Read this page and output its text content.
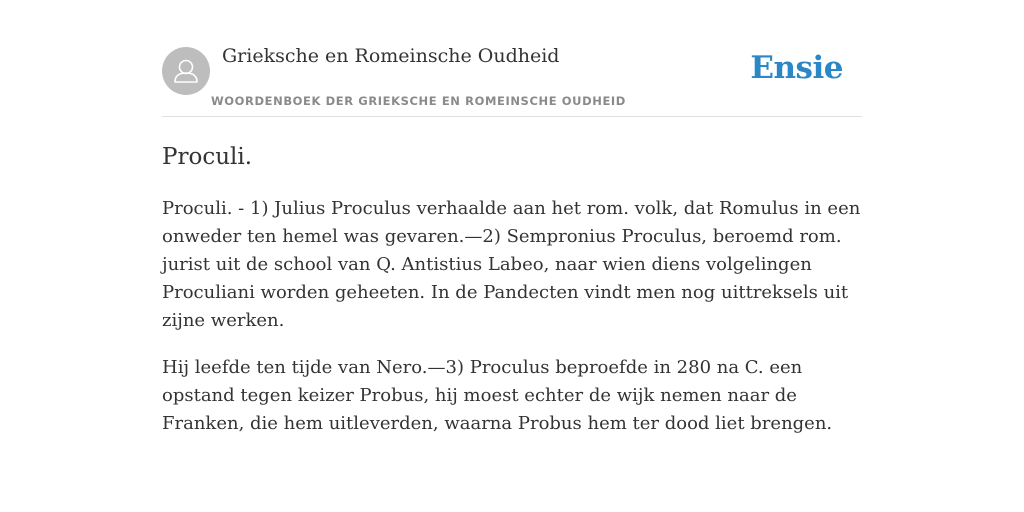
Grieksche en Romeinsche Oudheid
WOORDENBOEK DER GRIEKSCHE EN ROMEINSCHE OUDHEID
Ensie
Proculi.

Proculi. - 1) Julius Proculus verhaalde aan het rom. volk, dat Romulus in een onweder ten hemel was gevaren.—2) Sempronius Proculus, beroemd rom. jurist uit de school van Q. Antistius Labeo, naar wien diens volgelingen Proculiani worden geheeten. In de Pandecten vindt men nog uittreksels uit zijne werken.

Hij leefde ten tijde van Nero.—3) Proculus beproefde in 280 na C. een opstand tegen keizer Probus, hij moest echter de wijk nemen naar de Franken, die hem uitleverden, waarna Probus hem ter dood liet brengen.
